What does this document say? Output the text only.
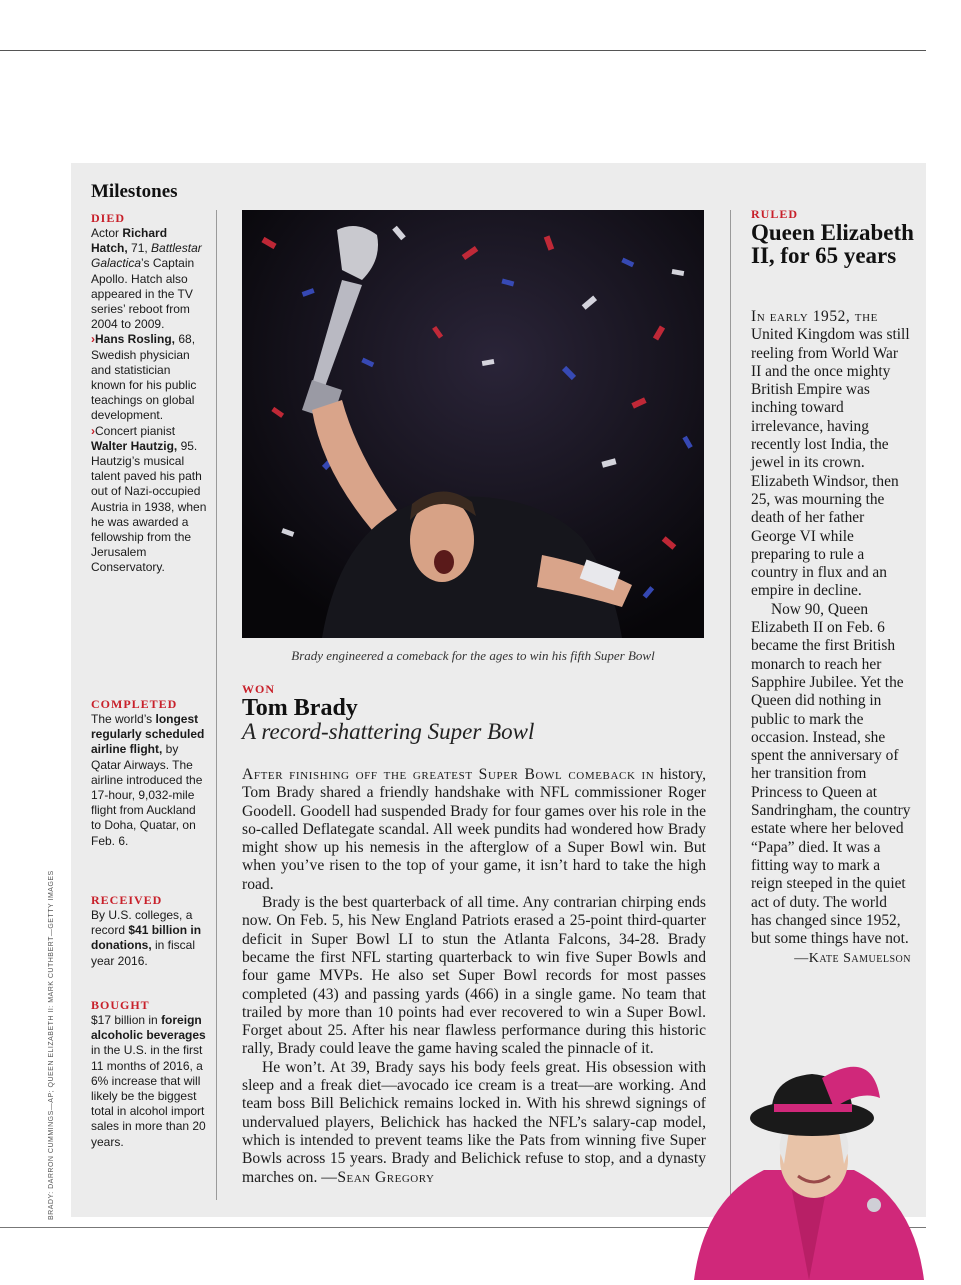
BRADY: DARRON CUMMINGS—AP; QUEEN ELIZABETH II: MARK CUTHBERT—GETTY IMAGES
Milestones
DIED
Actor Richard Hatch, 71, Battlestar Galactica’s Captain Apollo. Hatch also appeared in the TV series’ reboot from 2004 to 2009.
›Hans Rosling, 68, Swedish physician and statistician known for his public teachings on global development.
›Concert pianist Walter Hautzig, 95. Hautzig’s musical talent paved his path out of Nazi-occupied Austria in 1938, when he was awarded a fellowship from the Jerusalem Conservatory.
COMPLETED
The world’s longest regularly scheduled airline flight, by Qatar Airways. The airline introduced the 17-hour, 9,032-mile flight from Auckland to Doha, Quatar, on Feb. 6.
RECEIVED
By U.S. colleges, a record $41 billion in donations, in fiscal year 2016.
BOUGHT
$17 billion in foreign alcoholic beverages in the U.S. in the first 11 months of 2016, a 6% increase that will likely be the biggest total in alcohol import sales in more than 20 years.
Brady engineered a comeback for the ages to win his fifth Super Bowl
WON
Tom Brady
A record-shattering Super Bowl

After finishing off the greatest Super Bowl comeback in history, Tom Brady shared a friendly handshake with NFL commissioner Roger Goodell. Goodell had suspended Brady for four games over his role in the so-called Deflategate scandal. All week pundits had wondered how Brady might show up his nemesis in the afterglow of a Super Bowl win. But when you’ve risen to the top of your game, it isn’t hard to take the high road.

Brady is the best quarterback of all time. Any contrarian chirping ends now. On Feb. 5, his New England Patriots erased a 25-point third-quarter deficit in Super Bowl LI to stun the Atlanta Falcons, 34-28. Brady became the first NFL starting quarterback to win five Super Bowls and four game MVPs. He also set Super Bowl records for most passes completed (43) and passing yards (466) in a single game. No team that trailed by more than 10 points had ever recovered to win a Super Bowl. Forget about 25. After his near flawless performance during this historic rally, Brady could leave the game having scaled the pinnacle of it.

He won’t. At 39, Brady says his body feels great. His obsession with sleep and a freak diet—avocado ice cream is a treat—are working. And team boss Bill Belichick remains locked in. With his shrewd signings of undervalued players, Belichick has hacked the NFL’s salary-cap model, which is intended to prevent teams like the Pats from winning five Super Bowls across 15 years. Brady and Belichick refuse to stop, and a dynasty marches on. —Sean Gregory

RULED
Queen Elizabeth II, for 65 years

In early 1952, the United Kingdom was still reeling from World War II and the once mighty British Empire was inching toward irrelevance, having recently lost India, the jewel in its crown. Elizabeth Windsor, then 25, was mourning the death of her father George VI while preparing to rule a country in flux and an empire in decline.

Now 90, Queen Elizabeth II on Feb. 6 became the first British monarch to reach her Sapphire Jubilee. Yet the Queen did nothing in public to mark the occasion. Instead, she spent the anniversary of her transition from Princess to Queen at Sandringham, the country estate where her beloved “Papa” died. It was a fitting way to mark a reign steeped in the quiet act of duty. The world has changed since 1952, but some things have not.

—Kate Samuelson
